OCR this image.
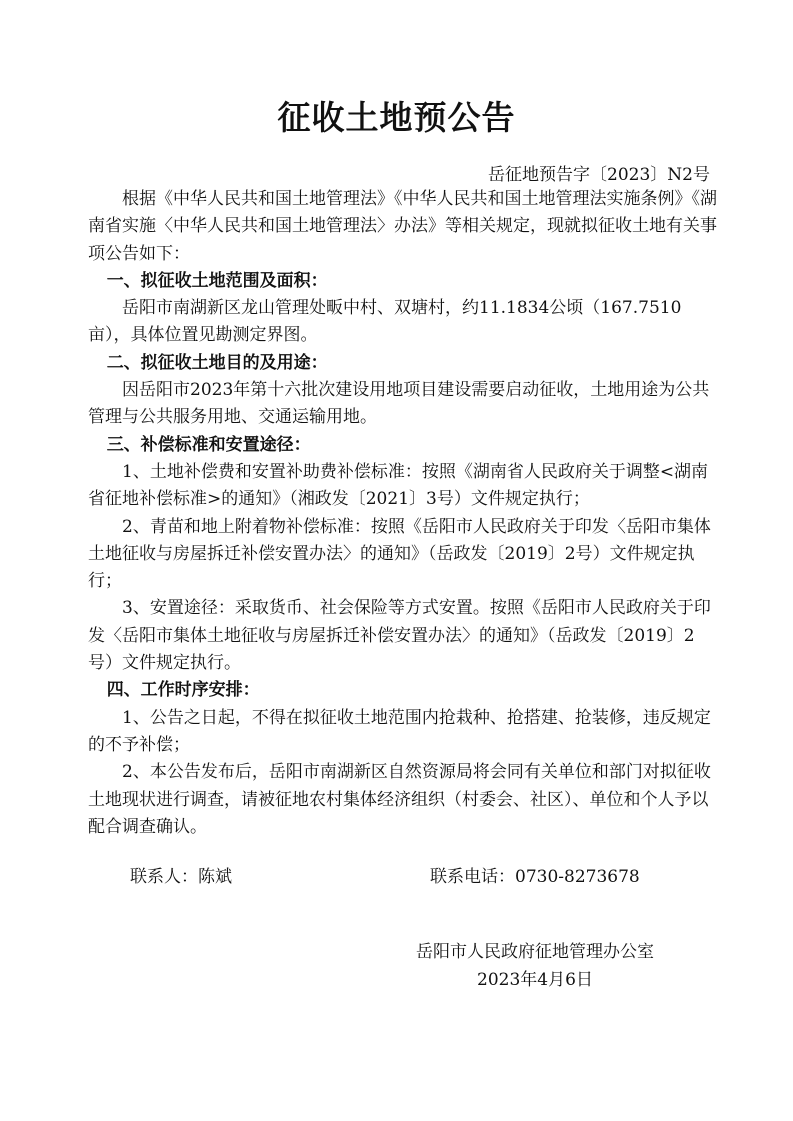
征收土地预公告
岳征地预告字〔2023〕N2号

根据《中华人民共和国土地管理法》《中华人民共和国土地管理法实施条例》《湖南省实施〈中华人民共和国土地管理法〉办法》等相关规定，现就拟征收土地有关事项公告如下：

一、拟征收土地范围及面积：

岳阳市南湖新区龙山管理处畈中村、双塘村，约11.1834公顷（167.7510亩），具体位置见勘测定界图。

二、拟征收土地目的及用途：

因岳阳市2023年第十六批次建设用地项目建设需要启动征收，土地用途为公共管理与公共服务用地、交通运输用地。

三、补偿标准和安置途径：

1、土地补偿费和安置补助费补偿标准：按照《湖南省人民政府关于调整<湖南省征地补偿标准>的通知》（湘政发〔2021〕3号）文件规定执行；

2、青苗和地上附着物补偿标准：按照《岳阳市人民政府关于印发〈岳阳市集体土地征收与房屋拆迁补偿安置办法〉的通知》（岳政发〔2019〕2号）文件规定执行；

3、安置途径：采取货币、社会保险等方式安置。按照《岳阳市人民政府关于印发〈岳阳市集体土地征收与房屋拆迁补偿安置办法〉的通知》（岳政发〔2019〕2号）文件规定执行。

四、工作时序安排：

1、公告之日起，不得在拟征收土地范围内抢栽种、抢搭建、抢装修，违反规定的不予补偿；

2、本公告发布后，岳阳市南湖新区自然资源局将会同有关单位和部门对拟征收土地现状进行调查，请被征地农村集体经济组织（村委会、社区）、单位和个人予以配合调查确认。

联系人：陈斌	联系电话：0730-8273678
岳阳市人民政府征地管理办公室
2023年4月6日
